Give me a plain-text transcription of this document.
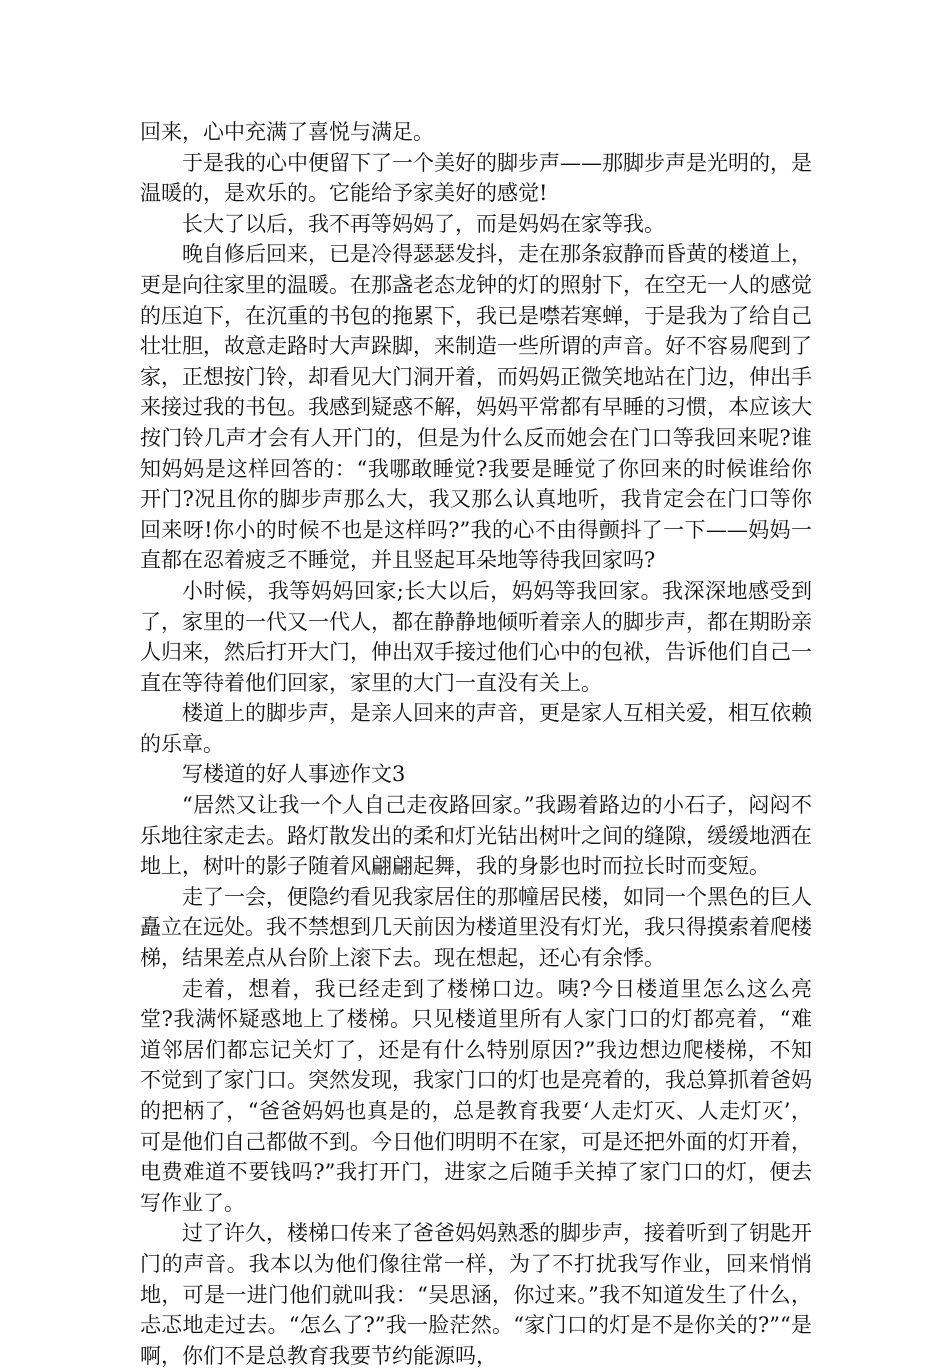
回来，心中充满了喜悦与满足。

于是我的心中便留下了一个美好的脚步声——那脚步声是光明的，是温暖的，是欢乐的。它能给予家美好的感觉!

长大了以后，我不再等妈妈了，而是妈妈在家等我。

晚自修后回来，已是冷得瑟瑟发抖，走在那条寂静而昏黄的楼道上，更是向往家里的温暖。在那盏老态龙钟的灯的照射下，在空无一人的感觉的压迫下，在沉重的书包的拖累下，我已是噤若寒蝉，于是我为了给自己壮壮胆，故意走路时大声跺脚，来制造一些所谓的声音。好不容易爬到了家，正想按门铃，却看见大门洞开着，而妈妈正微笑地站在门边，伸出手来接过我的书包。我感到疑惑不解，妈妈平常都有早睡的习惯，本应该大按门铃几声才会有人开门的，但是为什么反而她会在门口等我回来呢?谁知妈妈是这样回答的：“我哪敢睡觉?我要是睡觉了你回来的时候谁给你开门?况且你的脚步声那么大，我又那么认真地听，我肯定会在门口等你回来呀!你小的时候不也是这样吗?”我的心不由得颤抖了一下——妈妈一直都在忍着疲乏不睡觉，并且竖起耳朵地等待我回家吗?

小时候，我等妈妈回家;长大以后，妈妈等我回家。我深深地感受到了，家里的一代又一代人，都在静静地倾听着亲人的脚步声，都在期盼亲人归来，然后打开大门，伸出双手接过他们心中的包袱，告诉他们自己一直在等待着他们回家，家里的大门一直没有关上。

楼道上的脚步声，是亲人回来的声音，更是家人互相关爱，相互依赖的乐章。

写楼道的好人事迹作文3

“居然又让我一个人自己走夜路回家。”我踢着路边的小石子，闷闷不乐地往家走去。路灯散发出的柔和灯光钻出树叶之间的缝隙，缓缓地洒在地上，树叶的影子随着风翩翩起舞，我的身影也时而拉长时而变短。

走了一会，便隐约看见我家居住的那幢居民楼，如同一个黑色的巨人矗立在远处。我不禁想到几天前因为楼道里没有灯光，我只得摸索着爬楼梯，结果差点从台阶上滚下去。现在想起，还心有余悸。

走着，想着，我已经走到了楼梯口边。咦?今日楼道里怎么这么亮堂?我满怀疑惑地上了楼梯。只见楼道里所有人家门口的灯都亮着，“难道邻居们都忘记关灯了，还是有什么特别原因?”我边想边爬楼梯，不知不觉到了家门口。突然发现，我家门口的灯也是亮着的，我总算抓着爸妈的把柄了，“爸爸妈妈也真是的，总是教育我要‘人走灯灭、人走灯灭’，可是他们自己都做不到。今日他们明明不在家，可是还把外面的灯开着，电费难道不要钱吗?”我打开门，进家之后随手关掉了家门口的灯，便去写作业了。

过了许久，楼梯口传来了爸爸妈妈熟悉的脚步声，接着听到了钥匙开门的声音。我本以为他们像往常一样，为了不打扰我写作业，回来悄悄地，可是一进门他们就叫我：“吴思涵，你过来。”我不知道发生了什么，忐忑地走过去。“怎么了?”我一脸茫然。“家门口的灯是不是你关的?”“是啊，你们不是总教育我要节约能源吗，
